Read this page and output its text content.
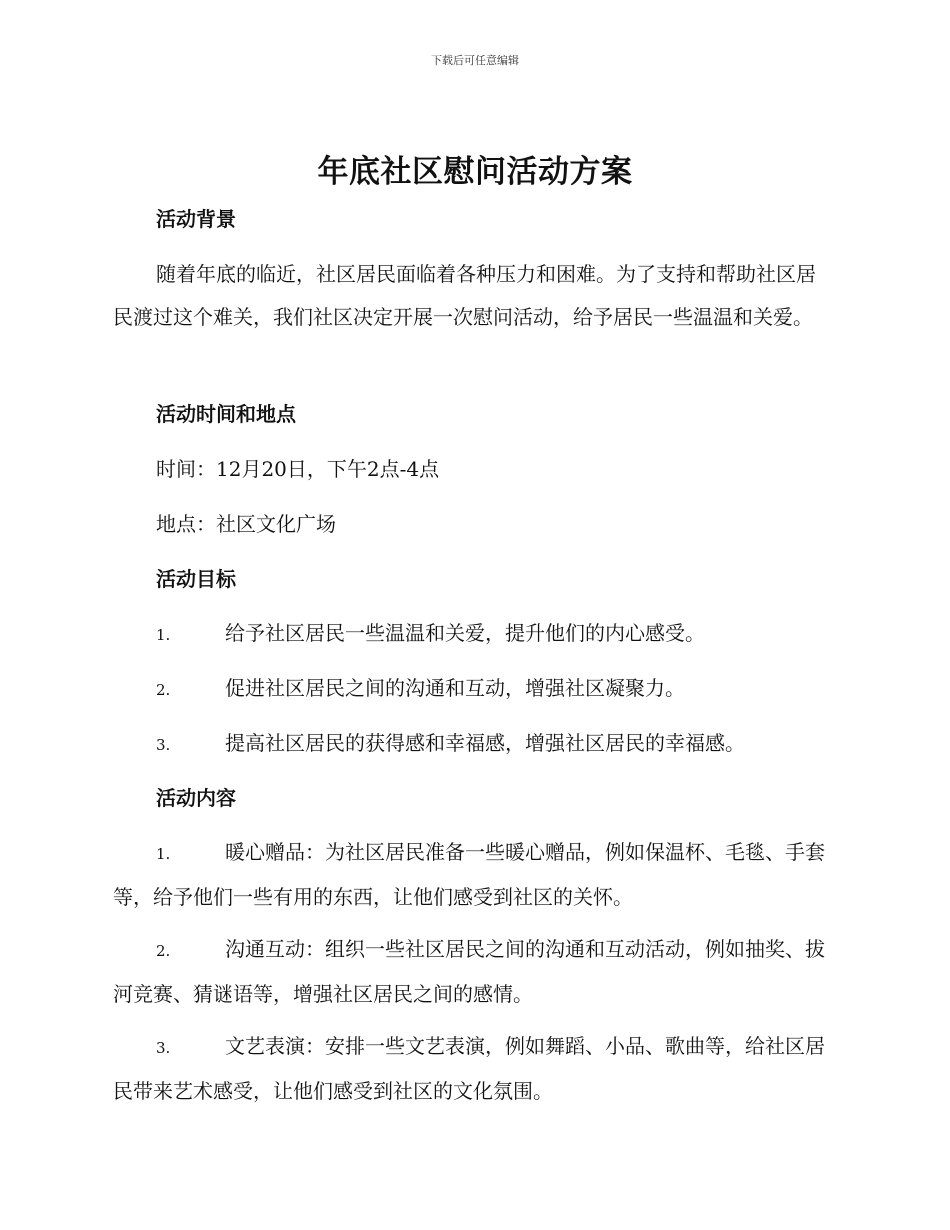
下载后可任意编辑
年底社区慰问活动方案
活动背景
随着年底的临近，社区居民面临着各种压力和困难。为了支持和帮助社区居民渡过这个难关，我们社区决定开展一次慰问活动，给予居民一些温温和关爱。
活动时间和地点
时间：12月20日，下午2点-4点
地点：社区文化广场
活动目标
1.	给予社区居民一些温温和关爱，提升他们的内心感受。
2.	促进社区居民之间的沟通和互动，增强社区凝聚力。
3.	提高社区居民的获得感和幸福感，增强社区居民的幸福感。
活动内容
1.	暖心赠品：为社区居民准备一些暖心赠品，例如保温杯、毛毯、手套等，给予他们一些有用的东西，让他们感受到社区的关怀。
2.	沟通互动：组织一些社区居民之间的沟通和互动活动，例如抽奖、拔河竞赛、猜谜语等，增强社区居民之间的感情。
3.	文艺表演：安排一些文艺表演，例如舞蹈、小品、歌曲等，给社区居民带来艺术感受，让他们感受到社区的文化氛围。
